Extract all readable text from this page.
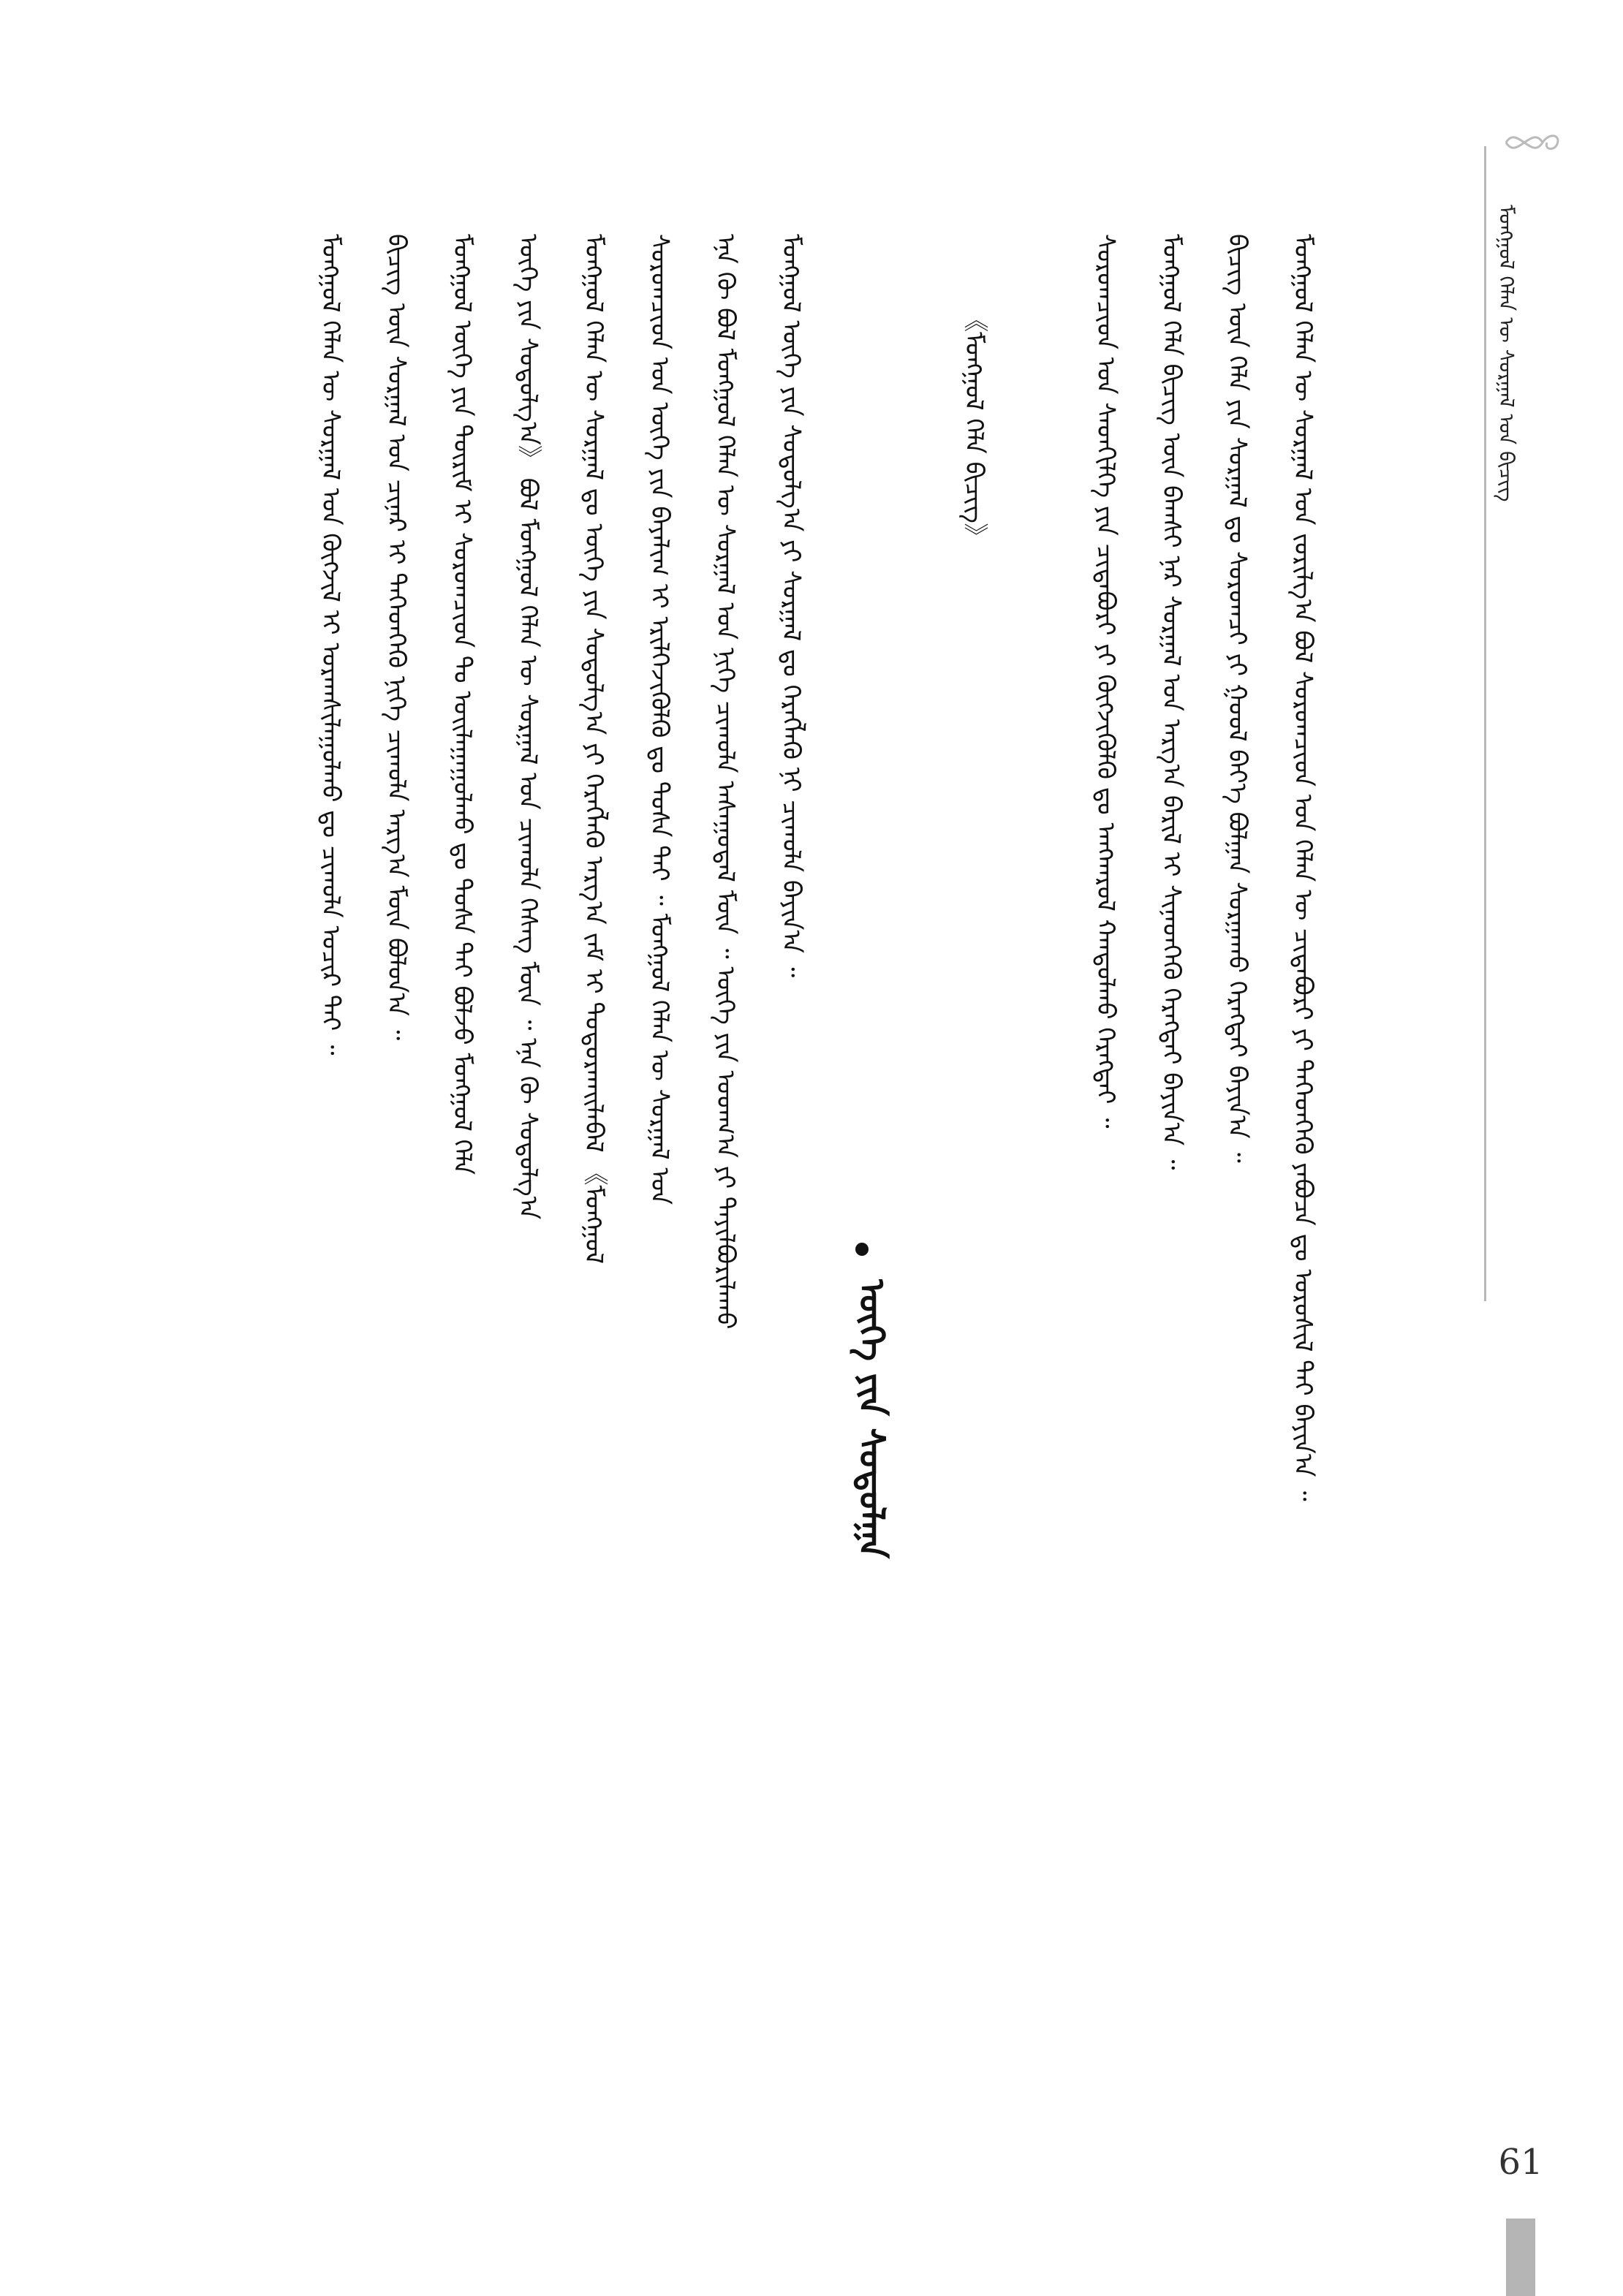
ᠮᠣᠩᠭᠣᠯ ᠬᠡᠯᠡᠨ ᠦ ᠰᠤᠷᠭᠠᠯ ᠤᠨ ᠪᠢᠴᠢᠭ
ᠮᠣᠩᠭᠣᠯ ᠬᠡᠯᠡᠨ ᠦ ᠰᠤᠷᠭᠠᠯ ᠤᠨ ᠵᠣᠷᠢᠯᠭ᠎ᠠ ᠪᠣᠯ ᠰᠤᠷᠤᠭᠴᠢᠳ ᠤᠨ ᠬᠡᠯᠡᠨ ᠦ ᠴᠢᠳᠠᠪᠤᠷᠢ ᠶᠢ ᠳᠡᠭᠡᠳᠭᠡᠬᠦ ᠶᠠᠪᠤᠴᠠ ᠳᠤ ᠤᠷᠤᠰᠢᠯ ᠲᠠᠢ ᠪᠠᠶᠢᠨ᠎ᠠ ᠃
ᠪᠢᠴᠢᠭ ᠦᠨ ᠬᠡᠯᠡ ᠶᠢᠨ ᠰᠤᠷᠭᠠᠯ ᠳᠤ ᠰᠤᠷᠤᠭᠴᠢ ᠶᠢ ᠭᠣᠣᠯ ᠪᠡᠶ᠎ᠡ ᠪᠣᠯᠭᠠᠨ ᠰᠤᠷᠭᠠᠬᠤ ᠬᠡᠷᠡᠭᠲᠡᠢ ᠪᠠᠶᠢᠨ᠎ᠠ ᠃
ᠮᠣᠩᠭᠣᠯ ᠬᠡᠯᠡ ᠪᠢᠴᠢᠭ ᠦᠨ ᠪᠠᠭᠰᠢ ᠨᠠᠷ ᠰᠤᠷᠭᠠᠯ ᠤᠨ ᠠᠷᠭ᠎ᠠ ᠪᠠᠷᠢᠯ ᠢ ᠰᠢᠨᠡᠳᠬᠡᠬᠦ ᠬᠡᠷᠡᠭᠲᠡᠢ ᠪᠠᠶᠢᠨ᠎ᠠ ᠃
ᠰᠤᠷᠤᠭᠴᠢᠳ ᠤᠨ ᠰᠡᠳᠬᠢᠯᠬᠡ ᠶᠢᠨ ᠴᠢᠳᠠᠪᠤᠷᠢ ᠶᠢ ᠬᠥᠭᠵᠢᠭᠦᠯᠬᠦ ᠳᠤ ᠠᠨᠭᠬᠠᠷᠤᠯ ᠬᠠᠨᠳᠤᠯᠬᠤ ᠬᠡᠷᠡᠭᠲᠡᠢ ᠃
《ᠮᠣᠩᠭᠣᠯ ᠬᠡᠯᠡ ᠪᠢᠴᠢᠭ》
ᠦᠭᠡ ᠶᠢᠨ ᠰᠤᠳᠤᠯᠭᠠ
ᠮᠣᠩᠭᠣᠯ ᠦᠭᠡ ᠶᠢᠨ ᠰᠤᠳᠤᠯᠭ᠎ᠠ ᠶᠢ ᠰᠤᠷᠭᠠᠯ ᠳᠤ ᠬᠡᠷᠡᠭᠯᠡᠬᠦ ᠨᠢ ᠴᠢᠬᠤᠯᠠ ᠪᠠᠶᠢᠨ᠎ᠠ ᠃
ᠡᠨᠡ ᠬᠦ ᠪᠣᠯ ᠮᠣᠩᠭᠣᠯ ᠬᠡᠯᠡᠨ ᠦ ᠰᠤᠷᠭᠠᠯ ᠤᠨ ᠨᠢᠭᠡ ᠴᠢᠬᠤᠯᠠ ᠠᠰᠠᠭᠤᠳᠠᠯ ᠮᠥᠨ ᠃ ᠦᠭᠡ ᠶᠢᠨ ᠤᠳᠬ᠎ᠠ ᠶᠢ ᠲᠠᠶᠢᠯᠪᠤᠷᠢᠯᠠᠬᠤ
ᠰᠤᠷᠤᠭᠴᠢᠳ ᠤᠨ ᠦᠭᠡ ᠶᠢᠨ ᠪᠠᠶᠠᠯᠢᠭ ᠢ ᠡᠷᠢᠯᠬᠡᠵᠢᠭᠦᠯᠬᠦ ᠳᠤ ᠲᠤᠰᠠ ᠲᠠᠢ ᠃ ᠮᠣᠩᠭᠣᠯ ᠬᠡᠯᠡᠨ ᠦ ᠰᠤᠷᠭᠠᠯ ᠤᠨ
ᠮᠣᠩᠭᠣᠯ ᠬᠡᠯᠡᠨ ᠦ ᠰᠤᠷᠭᠠᠯ ᠳᠤ ᠦᠭᠡ ᠶᠢᠨ ᠰᠤᠳᠤᠯᠭ᠎ᠠ ᠶᠢ ᠬᠡᠷᠡᠭᠯᠡᠬᠦ ᠠᠷᠭ᠎ᠠ ᠵᠠᠮ ᠢ ᠲᠣᠳᠣᠷᠬᠠᠢᠯᠠᠪᠠᠯ 《ᠮᠣᠩᠭᠣᠯ
ᠦᠭᠡ ᠶᠢᠨ ᠰᠤᠳᠤᠯᠭ᠎ᠠ》 ᠪᠣᠯ ᠮᠣᠩᠭᠣᠯ ᠬᠡᠯᠡᠨ ᠦ ᠰᠤᠷᠭᠠᠯ ᠤᠨ ᠴᠢᠬᠤᠯᠠ ᠬᠡᠰᠡᠭ ᠮᠥᠨ ᠃ ᠡᠨᠡ ᠬᠦ ᠰᠤᠳᠤᠯᠭ᠎ᠠ
ᠮᠣᠩᠭᠣᠯ ᠦᠭᠡ ᠶᠢᠨ ᠳᠦᠷᠢᠮ ᠢ ᠰᠤᠷᠤᠭᠴᠢᠳ ᠲᠤ ᠣᠢᠯᠠᠭᠠᠭᠤᠯᠬᠤ ᠳᠤ ᠲᠤᠰᠠ ᠲᠠᠢ ᠪᠣᠯᠵᠤ ᠮᠣᠩᠭᠣᠯ ᠬᠡᠯᠡ
ᠪᠢᠴᠢᠭ ᠦᠨ ᠰᠤᠷᠭᠠᠯ ᠤᠨ ᠴᠢᠨᠠᠷ ᠢ ᠳᠡᠭᠡᠳᠭᠡᠬᠦ ᠨᠢᠭᠡ ᠴᠢᠬᠤᠯᠠ ᠠᠷᠭ᠎ᠠ ᠮᠥᠨ ᠪᠣᠯᠤᠨ᠎ᠠ ᠃
ᠮᠣᠩᠭᠣᠯ ᠬᠡᠯᠡᠨ ᠦ ᠰᠤᠷᠭᠠᠯ ᠤᠨ ᠬᠥᠭᠵᠢᠯ ᠢ ᠤᠷᠠᠭᠰᠢᠯᠠᠭᠤᠯᠬᠤ ᠳᠤ ᠴᠢᠬᠤᠯᠠ ᠤᠴᠢᠷ ᠲᠠᠢ ᠃
61
